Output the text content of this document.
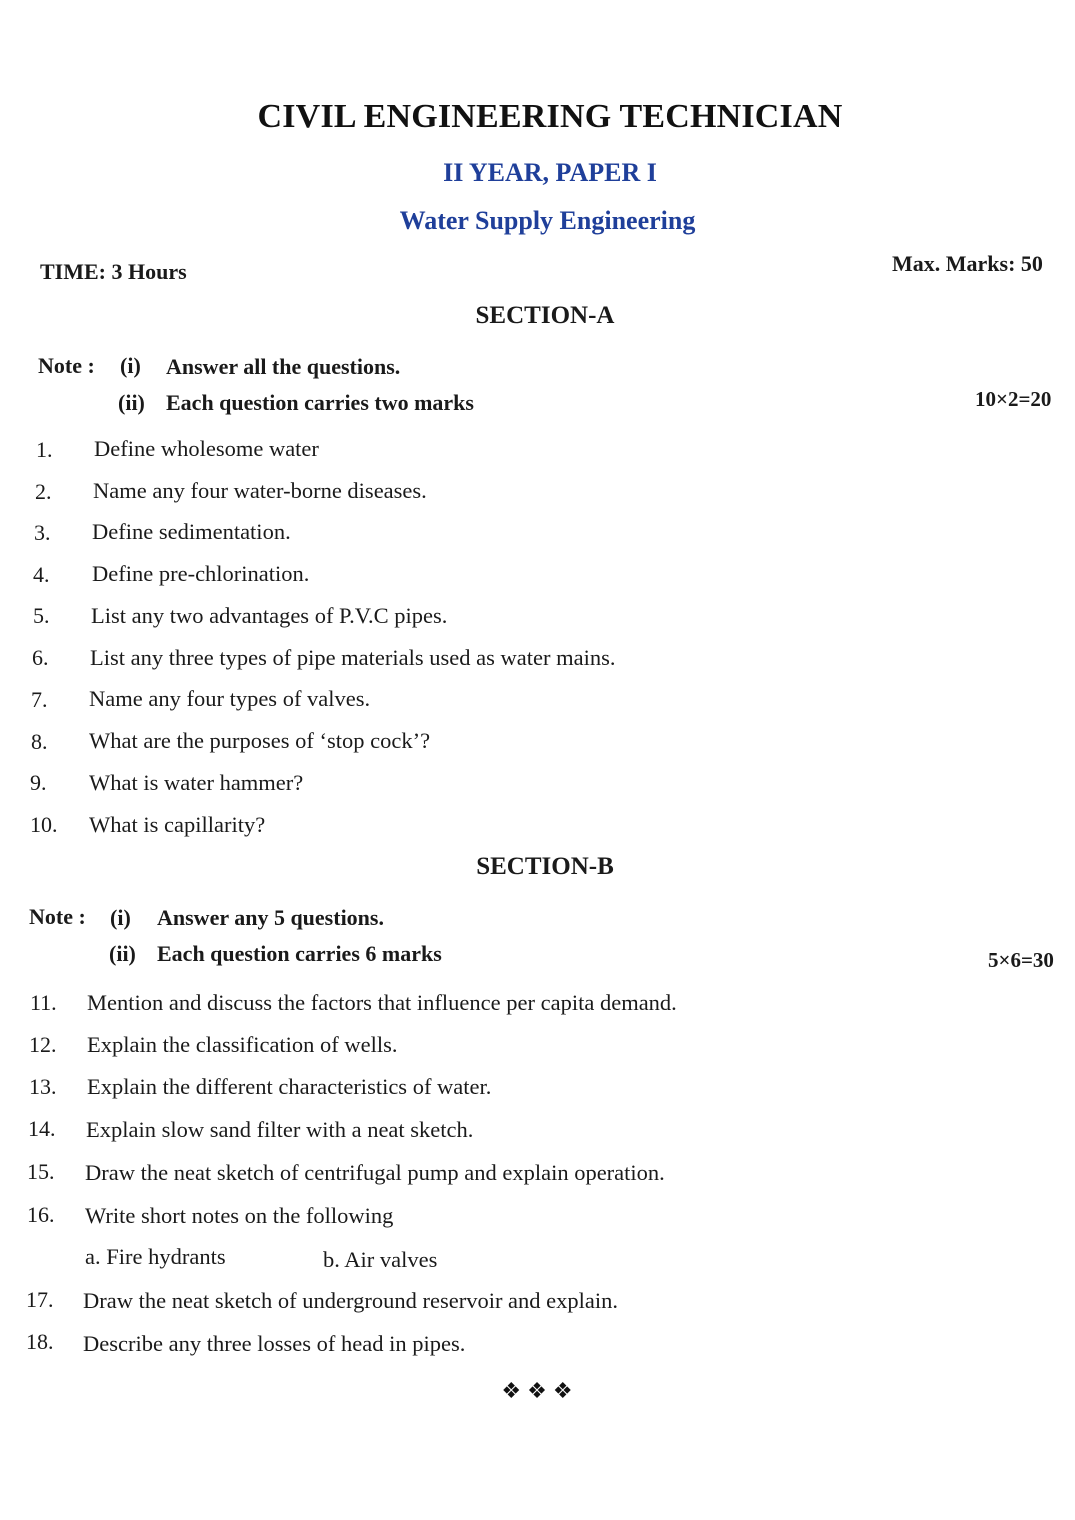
CIVIL ENGINEERING TECHNICIAN
II YEAR, PAPER I
Water Supply Engineering
TIME: 3 Hours	Max. Marks: 50
SECTION-A
Note : (i) Answer all the questions.
(ii) Each question carries two marks	10×2=20
1. Define wholesome water
2. Name any four water-borne diseases.
3. Define sedimentation.
4. Define pre-chlorination.
5. List any two advantages of P.V.C pipes.
6. List any three types of pipe materials used as water mains.
7. Name any four types of valves.
8. What are the purposes of ‘stop cock’?
9. What is water hammer?
10. What is capillarity?
SECTION-B
Note : (i) Answer any 5 questions.
(ii) Each question carries 6 marks	5×6=30
11. Mention and discuss the factors that influence per capita demand.
12. Explain the classification of wells.
13. Explain the different characteristics of water.
14. Explain slow sand filter with a neat sketch.
15. Draw the neat sketch of centrifugal pump and explain operation.
16. Write short notes on the following
a. Fire hydrants	b. Air valves
17. Draw the neat sketch of underground reservoir and explain.
18. Describe any three losses of head in pipes.
❖❖❖
